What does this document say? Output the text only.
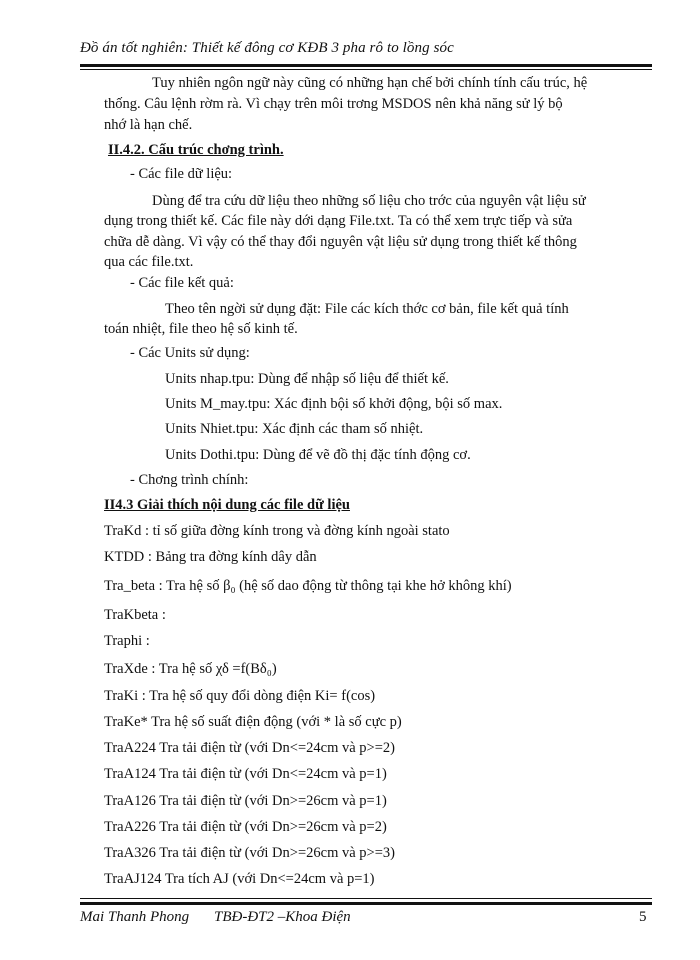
Đồ án tốt nghiên: Thiết kế đông cơ KĐB 3 pha rô to lồng sóc
Tuy nhiên ngôn ngữ này cũng có những hạn chế bởi chính tính cấu trúc, hệ
thống. Câu lệnh rờm rà. Vì chạy trên môi trơng MSDOS nên khả năng sử lý bộ
nhớ là hạn chế.
II.4.2. Cấu trúc chơng trình.
- Các file dữ liệu:
Dùng để tra cứu dữ liệu theo những số liệu cho trớc của nguyên vật liệu sử
dụng trong thiết kế. Các file này dới dạng File.txt. Ta có thể xem trực tiếp và sửa
chữa dễ dàng. Vì vậy có thể thay đổi nguyên vật liệu sử dụng trong thiết kế thông
qua các file.txt.
- Các file kết quả:
Theo tên ngời sử dụng đặt: File các kích thớc cơ bản, file kết quả tính
toán nhiệt, file theo hệ số kinh tế.
- Các Units sử dụng:
Units nhap.tpu: Dùng để nhập số liệu để thiết kế.
Units M_may.tpu: Xác định bội số khởi động, bội số max.
Units Nhiet.tpu: Xác định các tham số nhiệt.
Units Dothi.tpu: Dùng để vẽ đồ thị đặc tính động cơ.
- Chơng trình chính:
II4.3 Giải thích nội dung các file dữ liệu
TraKd : tỉ số giữa đờng kính trong và đờng kính ngoài stato
KTDD : Bảng tra đờng kính dây dẫn
Tra_beta : Tra hệ số β₀ (hệ số dao động từ thông tại khe hở không khí)
TraKbeta :
Traphi :
TraXde : Tra hệ số χδ =f(Bδ₀)
TraKi : Tra hệ số quy đổi dòng điện Ki= f(cos)
TraKe* Tra hệ số suất điện động (với * là số cực p)
TraA224 Tra tải điện từ (với Dn<=24cm và p>=2)
TraA124 Tra tải điện từ (với Dn<=24cm và p=1)
TraA126 Tra tải điện từ (với Dn>=26cm và p=1)
TraA226 Tra tải điện từ (với Dn>=26cm và p=2)
TraA326 Tra tải điện từ (với Dn>=26cm và p>=3)
TraAJ124 Tra tích AJ (với Dn<=24cm và p=1)
Mai Thanh Phong TBĐ-ĐT2 –Khoa Điện	5
